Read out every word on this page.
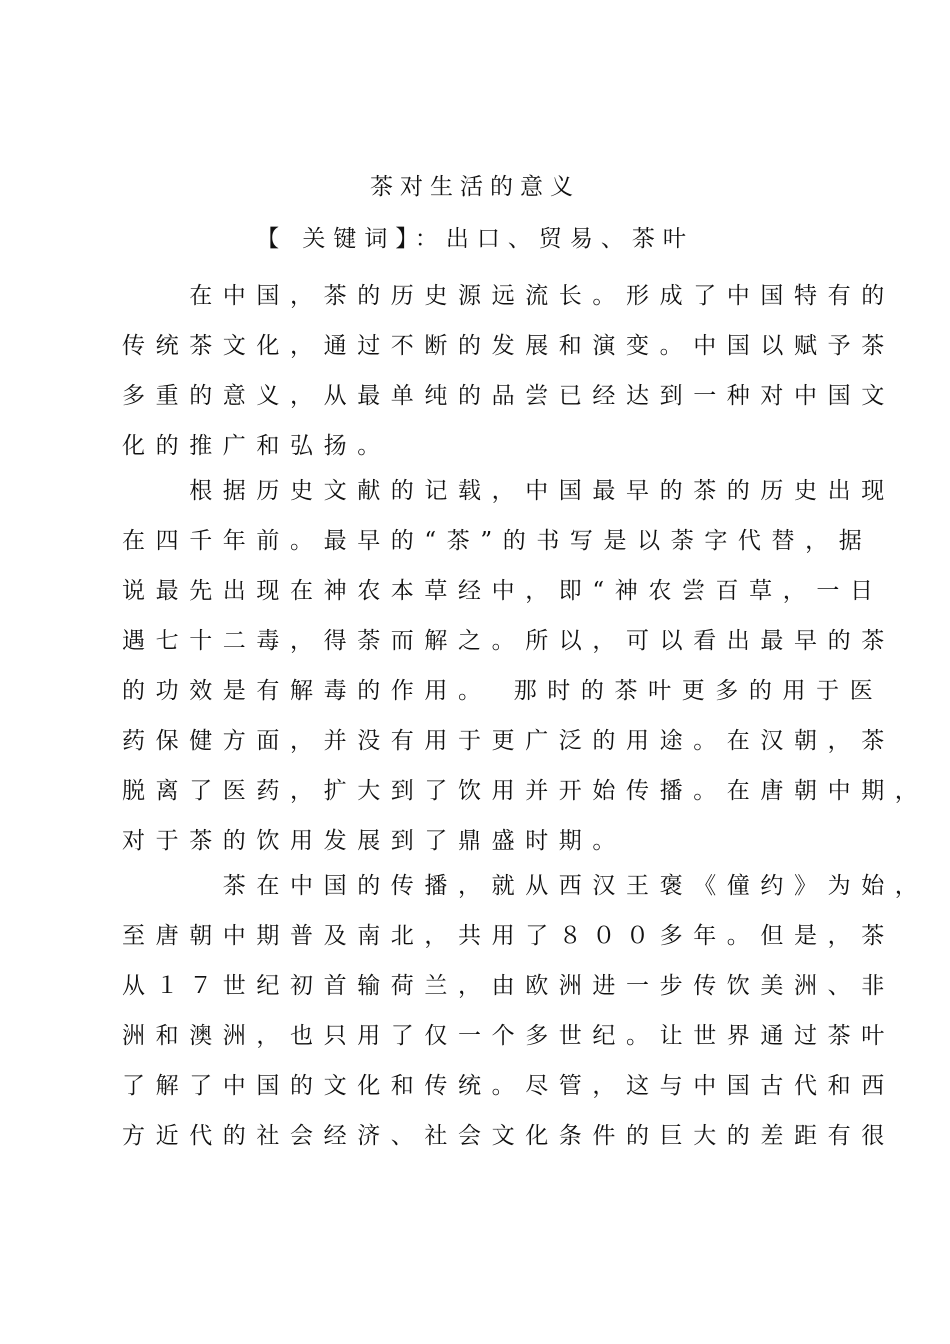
茶对生活的意义
【 关键词】：出口、贸易、茶叶
　　在中国，茶的历史源远流长。形成了中国特有的
传统茶文化，通过不断的发展和演变。中国以赋予茶
多重的意义，从最单纯的品尝已经达到一种对中国文
化的推广和弘扬。
　　根据历史文献的记载，中国最早的茶的历史出现
在四千年前。最早的“茶”的书写是以荼字代替，据
说最先出现在神农本草经中，即“神农尝百草，一日
遇七十二毒，得荼而解之。所以，可以看出最早的茶
的功效是有解毒的作用。　那时的茶叶更多的用于医
药保健方面，并没有用于更广泛的用途。在汉朝，茶
脱离了医药，扩大到了饮用并开始传播。在唐朝中期，
对于茶的饮用发展到了鼎盛时期。
　　　茶在中国的传播，就从西汉王褒《僮约》为始，
至唐朝中期普及南北，共用了８００多年。但是，茶
从１７世纪初首输荷兰，由欧洲进一步传饮美洲、非
洲和澳洲，也只用了仅一个多世纪。让世界通过茶叶
了解了中国的文化和传统。尽管，这与中国古代和西
方近代的社会经济、社会文化条件的巨大的差距有很
